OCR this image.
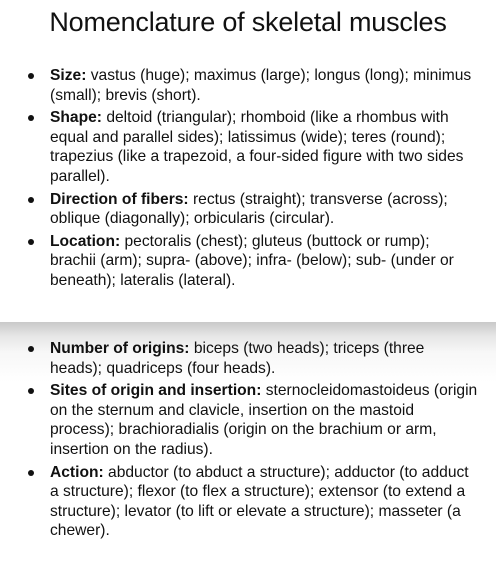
Nomenclature of skeletal muscles
Size: vastus (huge); maximus (large); longus (long); minimus (small); brevis (short).
Shape: deltoid (triangular); rhomboid (like a rhombus with equal and parallel sides); latissimus (wide); teres (round); trapezius (like a trapezoid, a four-sided figure with two sides parallel).
Direction of fibers: rectus (straight); transverse (across); oblique (diagonally); orbicularis (circular).
Location: pectoralis (chest); gluteus (buttock or rump); brachii (arm); supra- (above); infra- (below); sub- (under or beneath); lateralis (lateral).
Number of origins: biceps (two heads); triceps (three heads); quadriceps (four heads).
Sites of origin and insertion: sternocleidomastoideus (origin on the sternum and clavicle, insertion on the mastoid process); brachioradialis (origin on the brachium or arm, insertion on the radius).
Action: abductor (to abduct a structure); adductor (to adduct a structure); flexor (to flex a structure); extensor (to extend a structure); levator (to lift or elevate a structure); masseter (a chewer).
